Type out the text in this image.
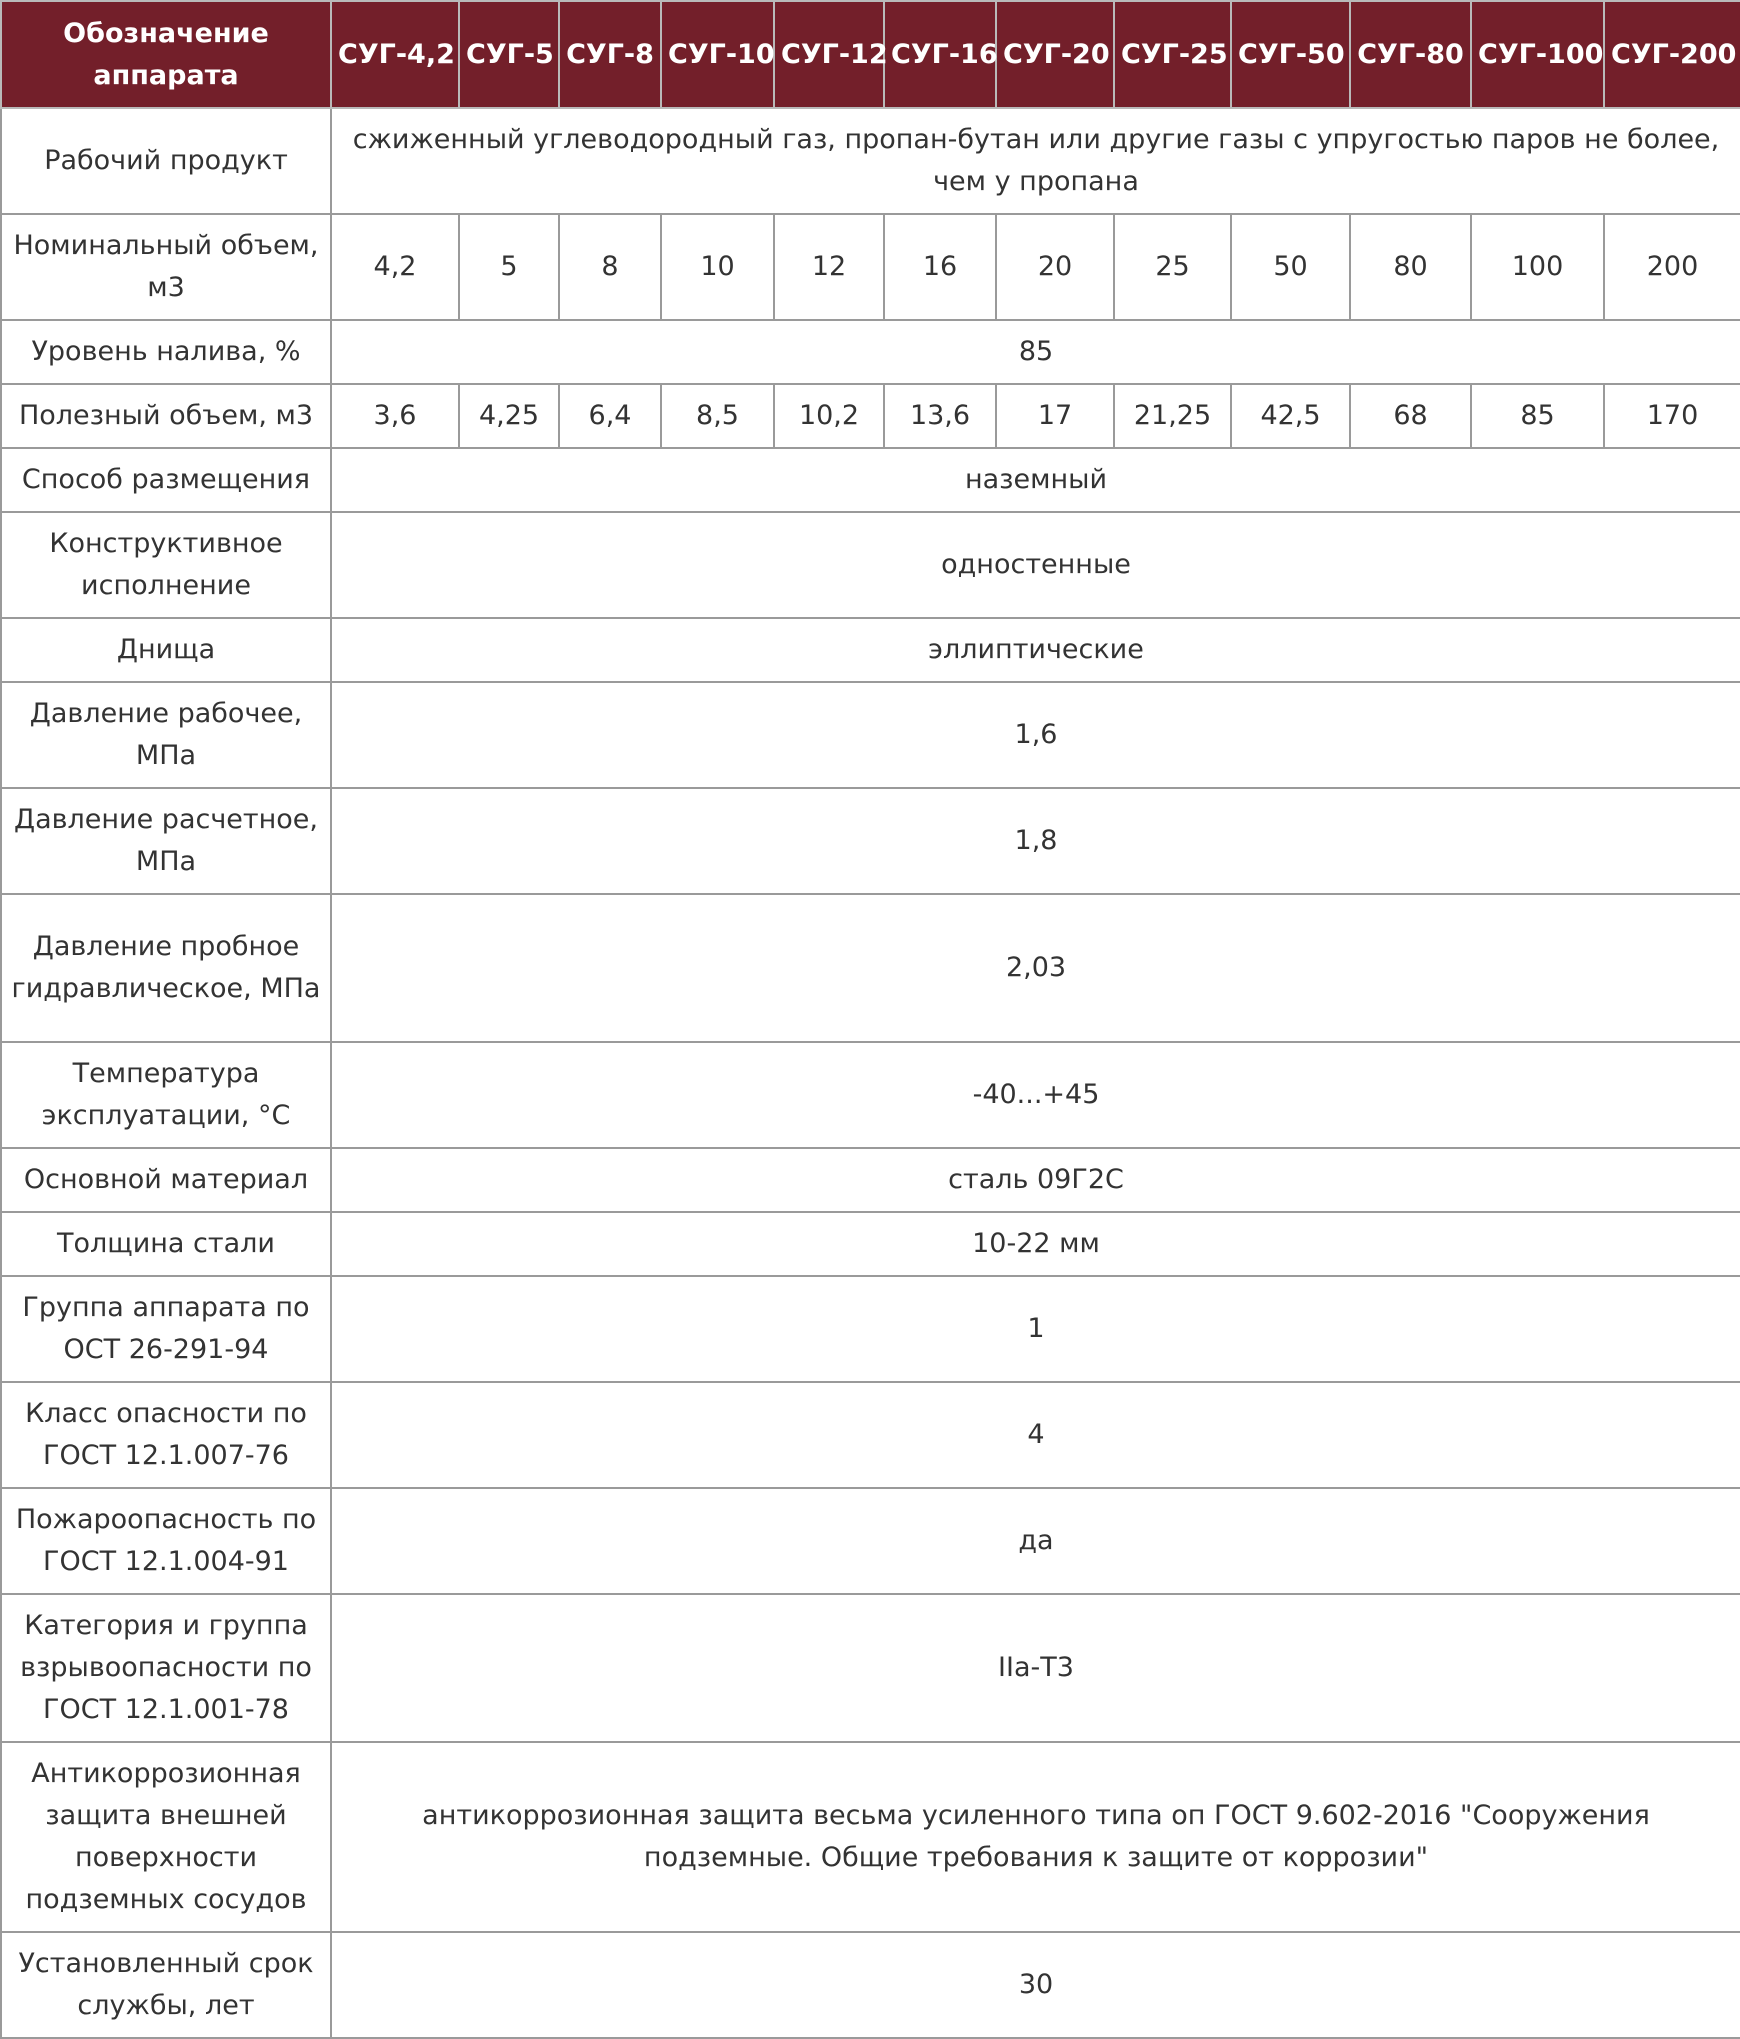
Обозначение аппарата	СУГ-4,2	СУГ-5	СУГ-8	СУГ-10	СУГ-12	СУГ-16	СУГ-20	СУГ-25	СУГ-50	СУГ-80	СУГ-100	СУГ-200
Рабочий продукт	сжиженный углеводородный газ, пропан-бутан или другие газы с упругостью паров не более, чем у пропана											
Номинальный объем, м3	4,2	5	8	10	12	16	20	25	50	80	100	200
Уровень налива, %	85											
Полезный объем, м3	3,6	4,25	6,4	8,5	10,2	13,6	17	21,25	42,5	68	85	170
Способ размещения	наземный											
Конструктивное исполнение	одностенные											
Днища	эллиптические											
Давление рабочее, МПа	1,6											
Давление расчетное, МПа	1,8											
Давление пробное гидравлическое, МПа	2,03											
Температура эксплуатации, °С	-40...+45											
Основной материал	сталь 09Г2С											
Толщина стали	10-22 мм											
Группа аппарата по ОСТ 26-291-94	1											
Класс опасности по ГОСТ 12.1.007-76	4											
Пожароопасность по ГОСТ 12.1.004-91	да											
Категория и группа взрывоопасности по ГОСТ 12.1.001-78	IIа-Т3											
Антикоррозионная защита внешней поверхности подземных сосудов	антикоррозионная защита весьма усиленного типа оп ГОСТ 9.602-2016 "Сооружения подземные. Общие требования к защите от коррозии"											
Установленный срок службы, лет	30											
